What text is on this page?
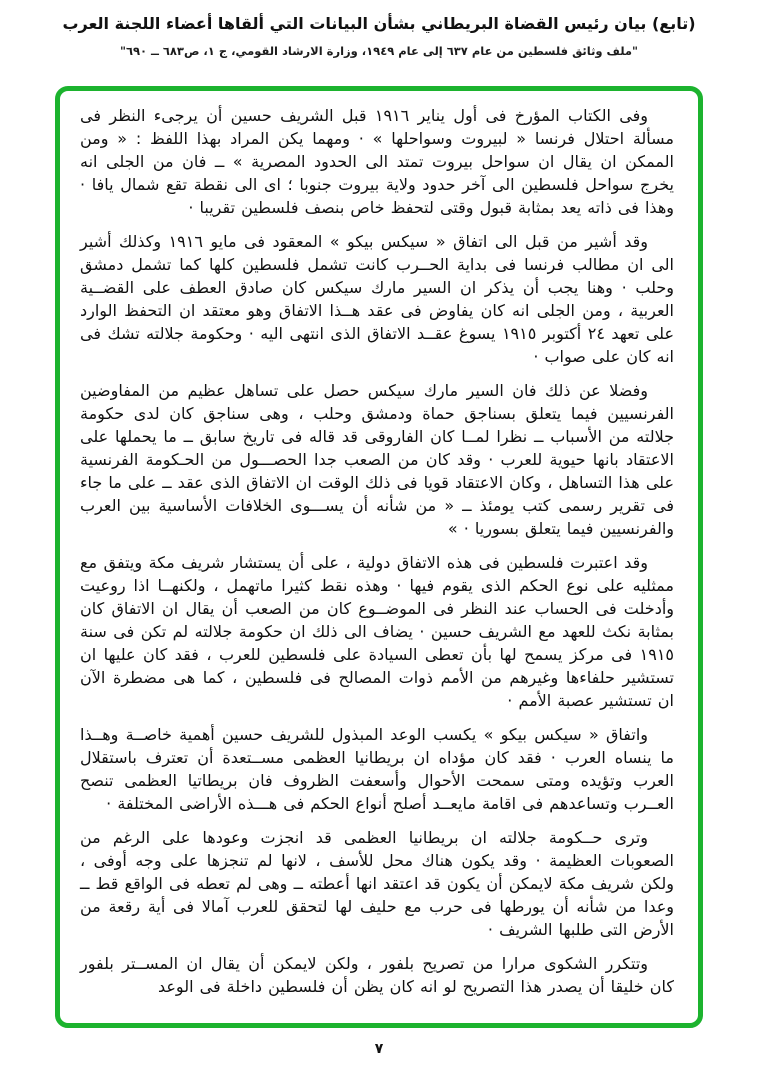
(تابع) بيان رئيس القضاة البريطاني بشأن البيانات التي ألقاها أعضاء اللجنة العرب
"ملف وثائق فلسطين من عام ٦٣٧ إلى عام ١٩٤٩، وزارة الارشاد القومي، ج ١، ص٦٨٣ ــ ٦٩٠"

وفى الكتاب المؤرخ فى أول يناير ١٩١٦ قبل الشريف حسين أن يرجىء النظر فى مسألة احتلال فرنسا « لبيروت وسواحلها » · ومهما يكن المراد بهذا اللفظ : « ومن الممكن ان يقال ان سواحل بيروت تمتد الى الحدود المصرية » ــ فان من الجلى انه يخرج سواحل فلسطين الى آخر حدود ولاية بيروت جنوبا ؛ اى الى نقطة تقع شمال يافا · وهذا فى ذاته يعد بمثابة قبول وقتى لتحفظ خاص بنصف فلسطين تقريبا ·

وقد أشير من قبل الى اتفاق « سيكس بيكو » المعقود فى مايو ١٩١٦ وكذلك أشير الى ان مطالب فرنسا فى بداية الحــرب كانت تشمل فلسطين كلها كما تشمل دمشق وحلب · وهنا يجب أن يذكر ان السير مارك سيكس كان صادق العطف على القضــية العربية ، ومن الجلى انه كان يفاوض فى عقد هــذا الاتفاق وهو معتقد ان التحفظ الوارد على تعهد ٢٤ أكتوبر ١٩١٥ يسوغ عقــد الاتفاق الذى انتهى اليه · وحكومة جلالته تشك فى انه كان على صواب ·

وفضلا عن ذلك فان السير مارك سيكس حصل على تساهل عظيم من المفاوضين الفرنسيين فيما يتعلق بسناجق حماة ودمشق وحلب ، وهى سناجق كان لدى حكومة جلالته من الأسباب ــ نظرا لمــا كان الفاروقى قد قاله فى تاريخ سابق ــ ما يحملها على الاعتقاد بانها حيوية للعرب · وقد كان من الصعب جدا الحصـــول من الحـكومة الفرنسية على هذا التساهل ، وكان الاعتقاد قويا فى ذلك الوقت ان الاتفاق الذى عقد ــ على ما جاء فى تقرير رسمى كتب يومئذ ــ « من شأنه أن يســـوى الخلافات الأساسية بين العرب والفرنسيين فيما يتعلق بسوريا · »

وقد اعتبرت فلسطين فى هذه الاتفاق دولية ، على أن يستشار شريف مكة ويتفق مع ممثليه على نوع الحكم الذى يقوم فيها · وهذه نقط كثيرا ماتهمل ، ولكنهــا اذا روعيت وأدخلت فى الحساب عند النظر فى الموضــوع كان من الصعب أن يقال ان الاتفاق كان بمثابة نكث للعهد مع الشريف حسين · يضاف الى ذلك ان حكومة جلالته لم تكن فى سنة ١٩١٥ فى مركز يسمح لها بأن تعطى السيادة على فلسطين للعرب ، فقد كان عليها ان تستشير حلفاءها وغيرهم من الأمم ذوات المصالح فى فلسطين ، كما هى مضطرة الآن ان تستشير عصبة الأمم ·

واتفاق « سيكس بيكو » يكسب الوعد المبذول للشريف حسين أهمية خاصــة وهــذا ما ينساه العرب · فقد كان مؤداه ان بريطانيا العظمى مســتعدة أن تعترف باستقلال العرب وتؤيده ومتى سمحت الأحوال وأسعفت الظروف فان بريطاتيا العظمى تنصح العــرب وتساعدهم فى اقامة مايعــد أصلح أنواع الحكم فى هـــذه الأراضى المختلفة ·

وترى حــكومة جلالته ان بريطانيا العظمى قد انجزت وعودها على الرغم من الصعوبات العظيمة · وقد يكون هناك محل للأسف ، لانها لم تنجزها على وجه أوفى ، ولكن شريف مكة لايمكن أن يكون قد اعتقد انها أعطته ــ وهى لم تعطه فى الواقع قط ــ وعدا من شأنه أن يورطها فى حرب مع حليف لها لتحقق للعرب آمالا فى أية رقعة من الأرض التى طلبها الشريف ·

وتتكرر الشكوى مرارا من تصريح بلفور ، ولكن لايمكن أن يقال ان المســتر بلفور كان خليقا أن يصدر هذا التصريح لو انه كان يظن أن فلسطين داخلة فى الوعد

٧
